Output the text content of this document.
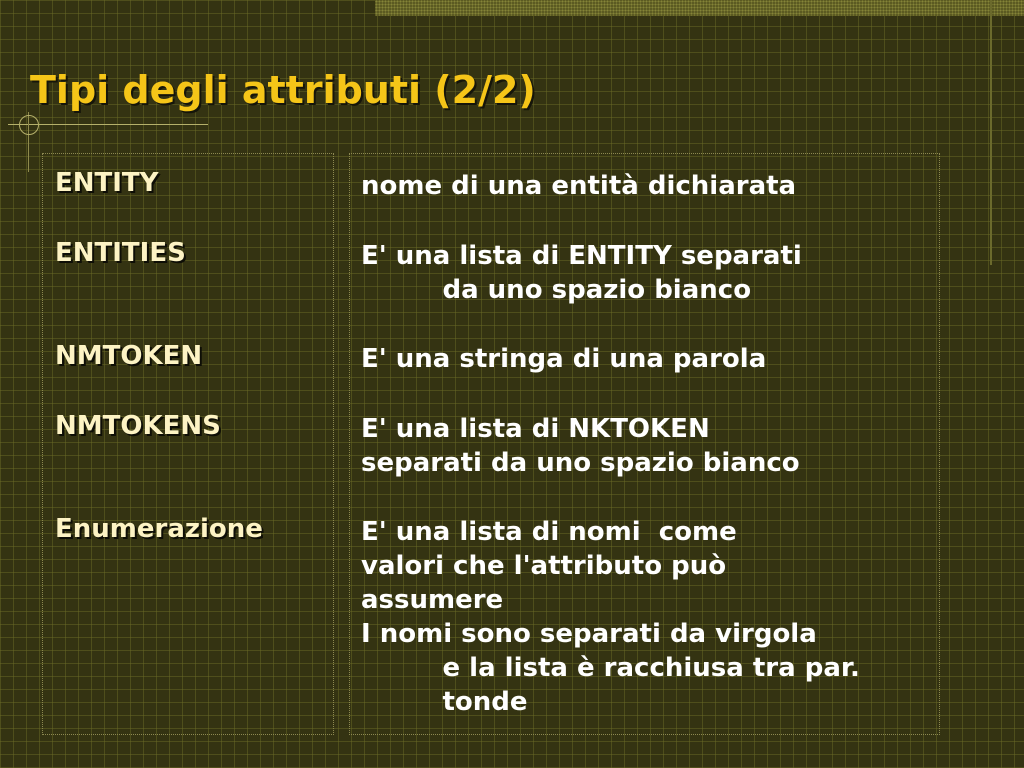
Tipi degli attributi (2/2)

ENTITY	nome di una entità dichiarata

ENTITIES	E' una lista di ENTITY separati
da uno spazio bianco

NMTOKEN	E' una stringa di una parola

NMTOKENS	E' una lista di NKTOKEN
separati da uno spazio bianco

Enumerazione	E' una lista di nomi  come
valori che l'attributo può
assumere
I nomi sono separati da virgola
e la lista è racchiusa tra par.
tonde
